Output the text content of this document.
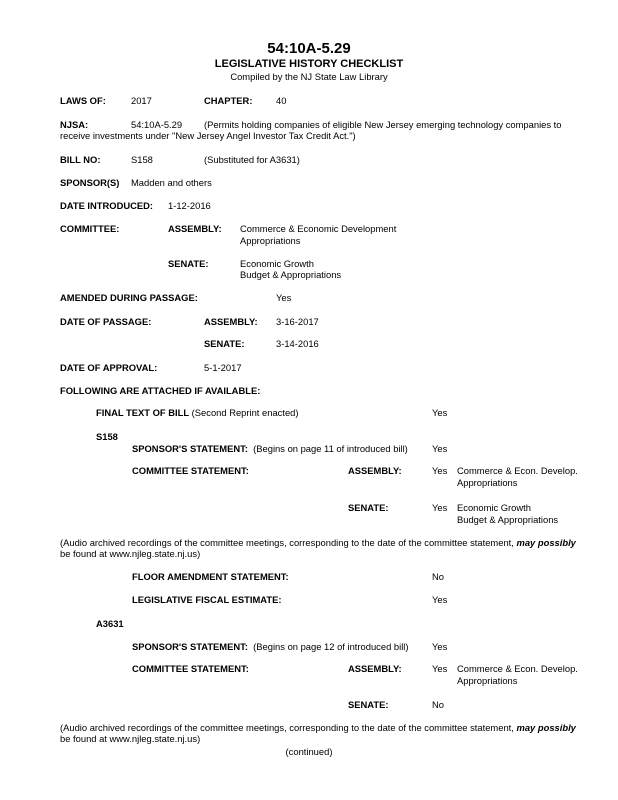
54:10A-5.29
LEGISLATIVE HISTORY CHECKLIST
Compiled by the NJ State Law Library
LAWS OF:	2017	CHAPTER:	40
NJSA:	54:10A-5.29 (Permits holding companies of eligible New Jersey emerging technology companies to
receive investments under "New Jersey Angel Investor Tax Credit Act.")
BILL NO:	S158	(Substituted for A3631)
SPONSOR(S) Madden and others
DATE INTRODUCED: 1-12-2016
COMMITTEE:	ASSEMBLY: Commerce & Economic Development
Appropriations
SENATE:	Economic Growth
Budget & Appropriations
AMENDED DURING PASSAGE:	Yes
DATE OF PASSAGE:	ASSEMBLY: 3-16-2017
SENATE:	3-14-2016
DATE OF APPROVAL:	5-1-2017
FOLLOWING ARE ATTACHED IF AVAILABLE:
FINAL TEXT OF BILL (Second Reprint enacted)	Yes
S158
SPONSOR'S STATEMENT: (Begins on page 11 of introduced bill)	Yes
COMMITTEE STATEMENT:	ASSEMBLY:	Yes Commerce & Econ. Develop.
Appropriations
SENATE:	Yes Economic Growth
Budget & Appropriations
(Audio archived recordings of the committee meetings, corresponding to the date of the committee statement, may possibly
be found at www.njleg.state.nj.us)
FLOOR AMENDMENT STATEMENT:	No
LEGISLATIVE FISCAL ESTIMATE:	Yes
A3631
SPONSOR'S STATEMENT: (Begins on page 12 of introduced bill)	Yes
COMMITTEE STATEMENT:	ASSEMBLY:	Yes Commerce & Econ. Develop.
Appropriations
SENATE:	No
(Audio archived recordings of the committee meetings, corresponding to the date of the committee statement, may possibly
be found at www.njleg.state.nj.us)
(continued)
